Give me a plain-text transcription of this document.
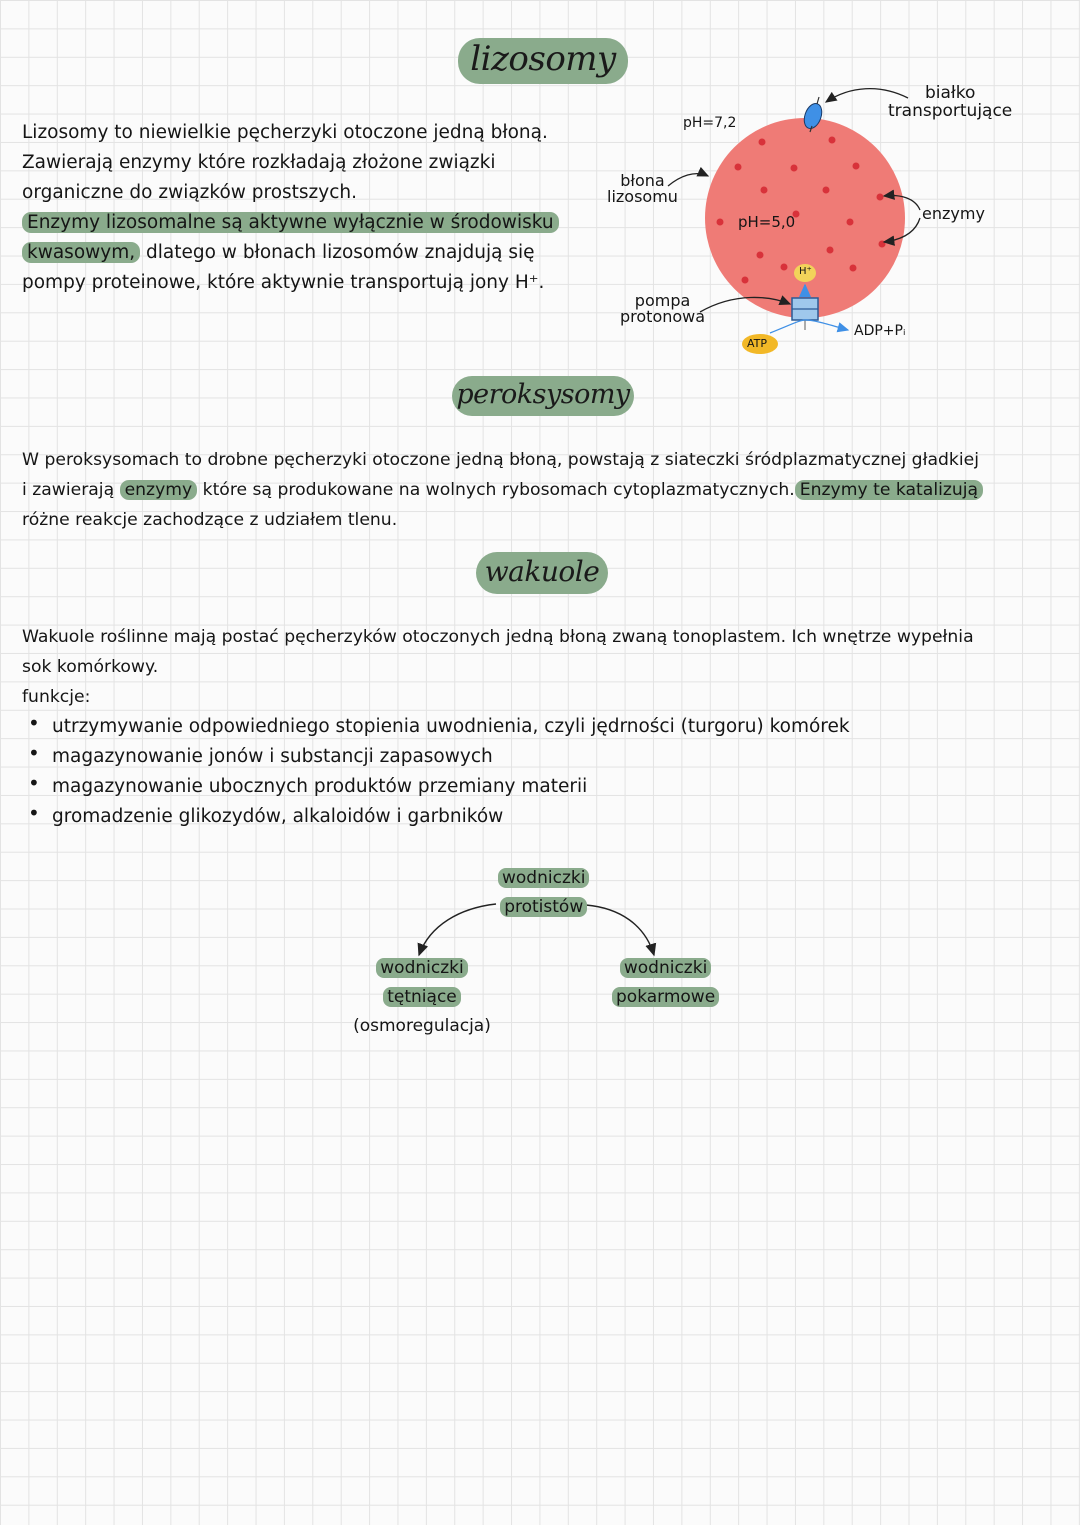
lizosomy
Lizosomy to niewielkie pęcherzyki otoczone jedną błoną.
Zawierają enzymy które rozkładają złożone związki
organiczne do związków prostszych.
Enzymy lizosomalne są aktywne wyłącznie w środowisku
kwasowym, dlatego w błonach lizosomów znajdują się
pompy proteinowe, które aktywnie transportują jony H⁺.
pH=7,2
pH=5,0
błona
lizosomu
pompa
protonowa
białko
transportujące
enzymy
H⁺
ATP
ADP+Pᵢ
peroksysomy
W peroksysomach to drobne pęcherzyki otoczone jedną błoną, powstają z siateczki śródplazmatycznej gładkiej
i zawierają enzymy które są produkowane na wolnych rybosomach cytoplazmatycznych. Enzymy te katalizują
różne reakcje zachodzące z udziałem tlenu.
wakuole
Wakuole roślinne mają postać pęcherzyków otoczonych jedną błoną zwaną tonoplastem. Ich wnętrze wypełnia
sok komórkowy.
funkcje:
• utrzymywanie odpowiedniego stopienia uwodnienia, czyli jędrności (turgoru) komórek
• magazynowanie jonów i substancji zapasowych
• magazynowanie ubocznych produktów przemiany materii
• gromadzenie glikozydów, alkaloidów i garbników
wodniczki
protistów
wodniczki
tętniące
(osmoregulacja)
wodniczki
pokarmowe
